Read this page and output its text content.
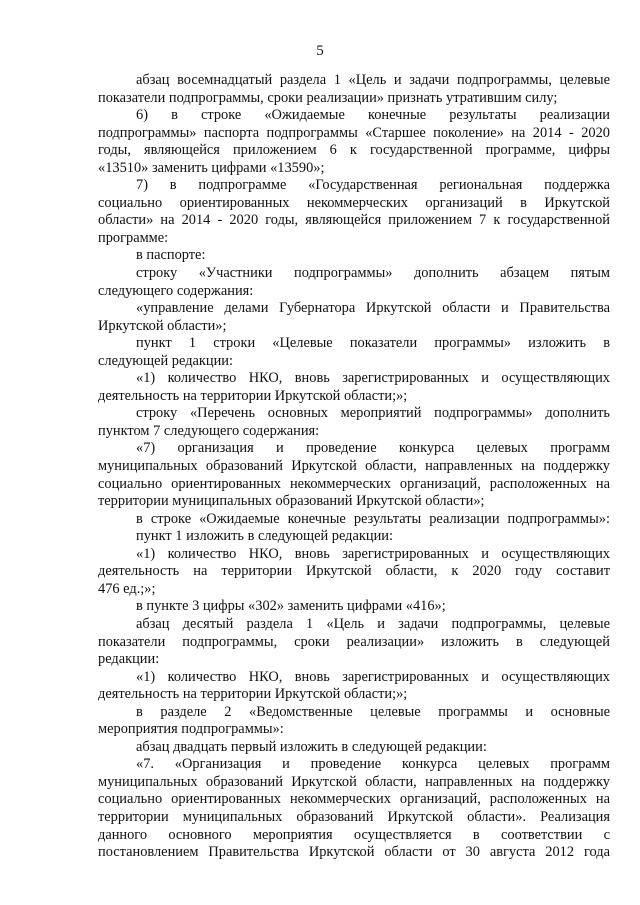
5
абзац восемнадцатый раздела 1 «Цель и задачи подпрограммы, целевые
показатели подпрограммы, сроки реализации» признать утратившим силу;
6) в строке «Ожидаемые конечные результаты реализации
подпрограммы» паспорта подпрограммы «Старшее поколение» на 2014 - 2020
годы, являющейся приложением 6 к государственной программе, цифры
«13510» заменить цифрами «13590»;
7) в подпрограмме «Государственная региональная поддержка
социально ориентированных некоммерческих организаций в Иркутской
области» на 2014 - 2020 годы, являющейся приложением 7 к государственной
программе:
в паспорте:
строку «Участники подпрограммы» дополнить абзацем пятым
следующего содержания:
«управление делами Губернатора Иркутской области и Правительства
Иркутской области»;
пункт 1 строки «Целевые показатели программы» изложить в
следующей редакции:
«1) количество НКО, вновь зарегистрированных и осуществляющих
деятельность на территории Иркутской области;»;
строку «Перечень основных мероприятий подпрограммы» дополнить
пунктом 7 следующего содержания:
«7) организация и проведение конкурса целевых программ
муниципальных образований Иркутской области, направленных на поддержку
социально ориентированных некоммерческих организаций, расположенных на
территории муниципальных образований Иркутской области»;
в строке «Ожидаемые конечные результаты реализации подпрограммы»:
пункт 1 изложить в следующей редакции:
«1) количество НКО, вновь зарегистрированных и осуществляющих
деятельность на территории Иркутской области, к 2020 году составит
476 ед.;»;
в пункте 3 цифры «302» заменить цифрами «416»;
абзац десятый раздела 1 «Цель и задачи подпрограммы, целевые
показатели подпрограммы, сроки реализации» изложить в следующей
редакции:
«1) количество НКО, вновь зарегистрированных и осуществляющих
деятельность на территории Иркутской области;»;
в разделе 2 «Ведомственные целевые программы и основные
мероприятия подпрограммы»:
абзац двадцать первый изложить в следующей редакции:
«7. «Организация и проведение конкурса целевых программ
муниципальных образований Иркутской области, направленных на поддержку
социально ориентированных некоммерческих организаций, расположенных на
территории муниципальных образований Иркутской области». Реализация
данного основного мероприятия осуществляется в соответствии с
постановлением Правительства Иркутской области от 30 августа 2012 года
